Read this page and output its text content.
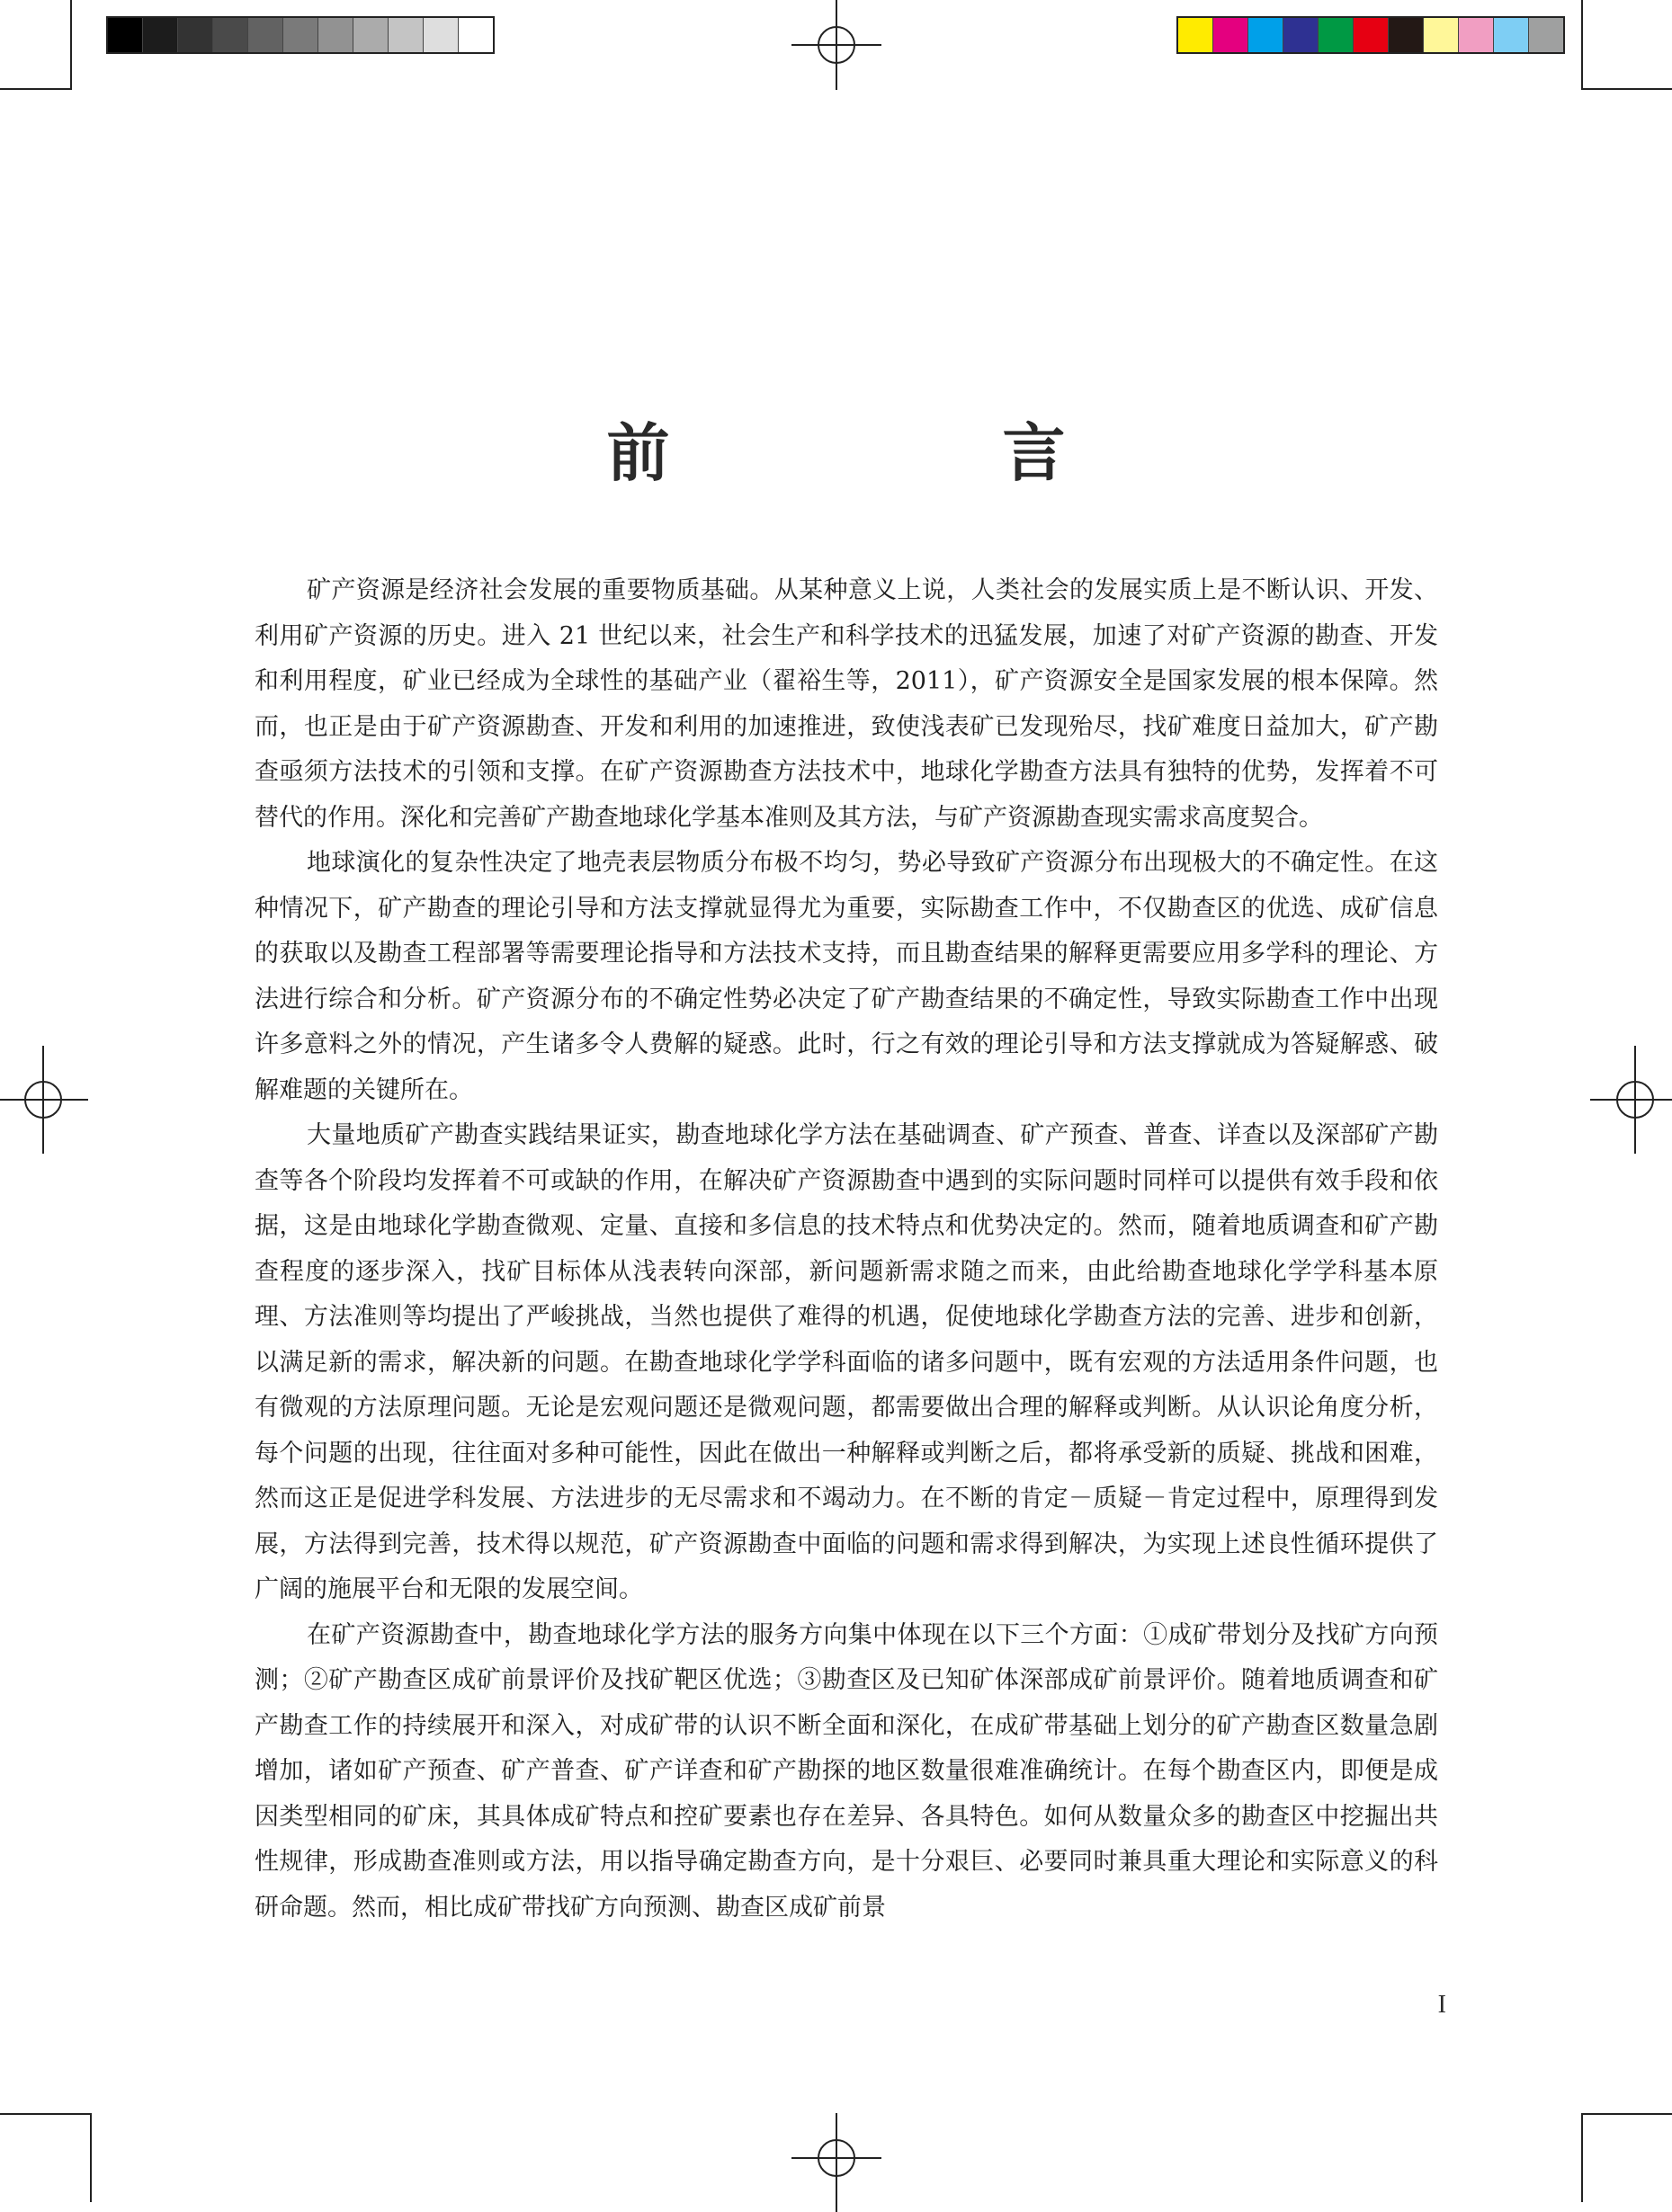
前　言

矿产资源是经济社会发展的重要物质基础。从某种意义上说，人类社会的发展实质上是不断认识、开发、利用矿产资源的历史。进入 21 世纪以来，社会生产和科学技术的迅猛发展，加速了对矿产资源的勘查、开发和利用程度，矿业已经成为全球性的基础产业（翟裕生等，2011），矿产资源安全是国家发展的根本保障。然而，也正是由于矿产资源勘查、开发和利用的加速推进，致使浅表矿已发现殆尽，找矿难度日益加大，矿产勘查亟须方法技术的引领和支撑。在矿产资源勘查方法技术中，地球化学勘查方法具有独特的优势，发挥着不可替代的作用。深化和完善矿产勘查地球化学基本准则及其方法，与矿产资源勘查现实需求高度契合。

地球演化的复杂性决定了地壳表层物质分布极不均匀，势必导致矿产资源分布出现极大的不确定性。在这种情况下，矿产勘查的理论引导和方法支撑就显得尤为重要，实际勘查工作中，不仅勘查区的优选、成矿信息的获取以及勘查工程部署等需要理论指导和方法技术支持，而且勘查结果的解释更需要应用多学科的理论、方法进行综合和分析。矿产资源分布的不确定性势必决定了矿产勘查结果的不确定性，导致实际勘查工作中出现许多意料之外的情况，产生诸多令人费解的疑惑。此时，行之有效的理论引导和方法支撑就成为答疑解惑、破解难题的关键所在。

大量地质矿产勘查实践结果证实，勘查地球化学方法在基础调查、矿产预查、普查、详查以及深部矿产勘查等各个阶段均发挥着不可或缺的作用，在解决矿产资源勘查中遇到的实际问题时同样可以提供有效手段和依据，这是由地球化学勘查微观、定量、直接和多信息的技术特点和优势决定的。然而，随着地质调查和矿产勘查程度的逐步深入，找矿目标体从浅表转向深部，新问题新需求随之而来，由此给勘查地球化学学科基本原理、方法准则等均提出了严峻挑战，当然也提供了难得的机遇，促使地球化学勘查方法的完善、进步和创新，以满足新的需求，解决新的问题。在勘查地球化学学科面临的诸多问题中，既有宏观的方法适用条件问题，也有微观的方法原理问题。无论是宏观问题还是微观问题，都需要做出合理的解释或判断。从认识论角度分析，每个问题的出现，往往面对多种可能性，因此在做出一种解释或判断之后，都将承受新的质疑、挑战和困难，然而这正是促进学科发展、方法进步的无尽需求和不竭动力。在不断的肯定－质疑－肯定过程中，原理得到发展，方法得到完善，技术得以规范，矿产资源勘查中面临的问题和需求得到解决，为实现上述良性循环提供了广阔的施展平台和无限的发展空间。

在矿产资源勘查中，勘查地球化学方法的服务方向集中体现在以下三个方面：①成矿带划分及找矿方向预测；②矿产勘查区成矿前景评价及找矿靶区优选；③勘查区及已知矿体深部成矿前景评价。随着地质调查和矿产勘查工作的持续展开和深入，对成矿带的认识不断全面和深化，在成矿带基础上划分的矿产勘查区数量急剧增加，诸如矿产预查、矿产普查、矿产详查和矿产勘探的地区数量很难准确统计。在每个勘查区内，即便是成因类型相同的矿床，其具体成矿特点和控矿要素也存在差异、各具特色。如何从数量众多的勘查区中挖掘出共性规律，形成勘查准则或方法，用以指导确定勘查方向，是十分艰巨、必要同时兼具重大理论和实际意义的科研命题。然而，相比成矿带找矿方向预测、勘查区成矿前景

I
